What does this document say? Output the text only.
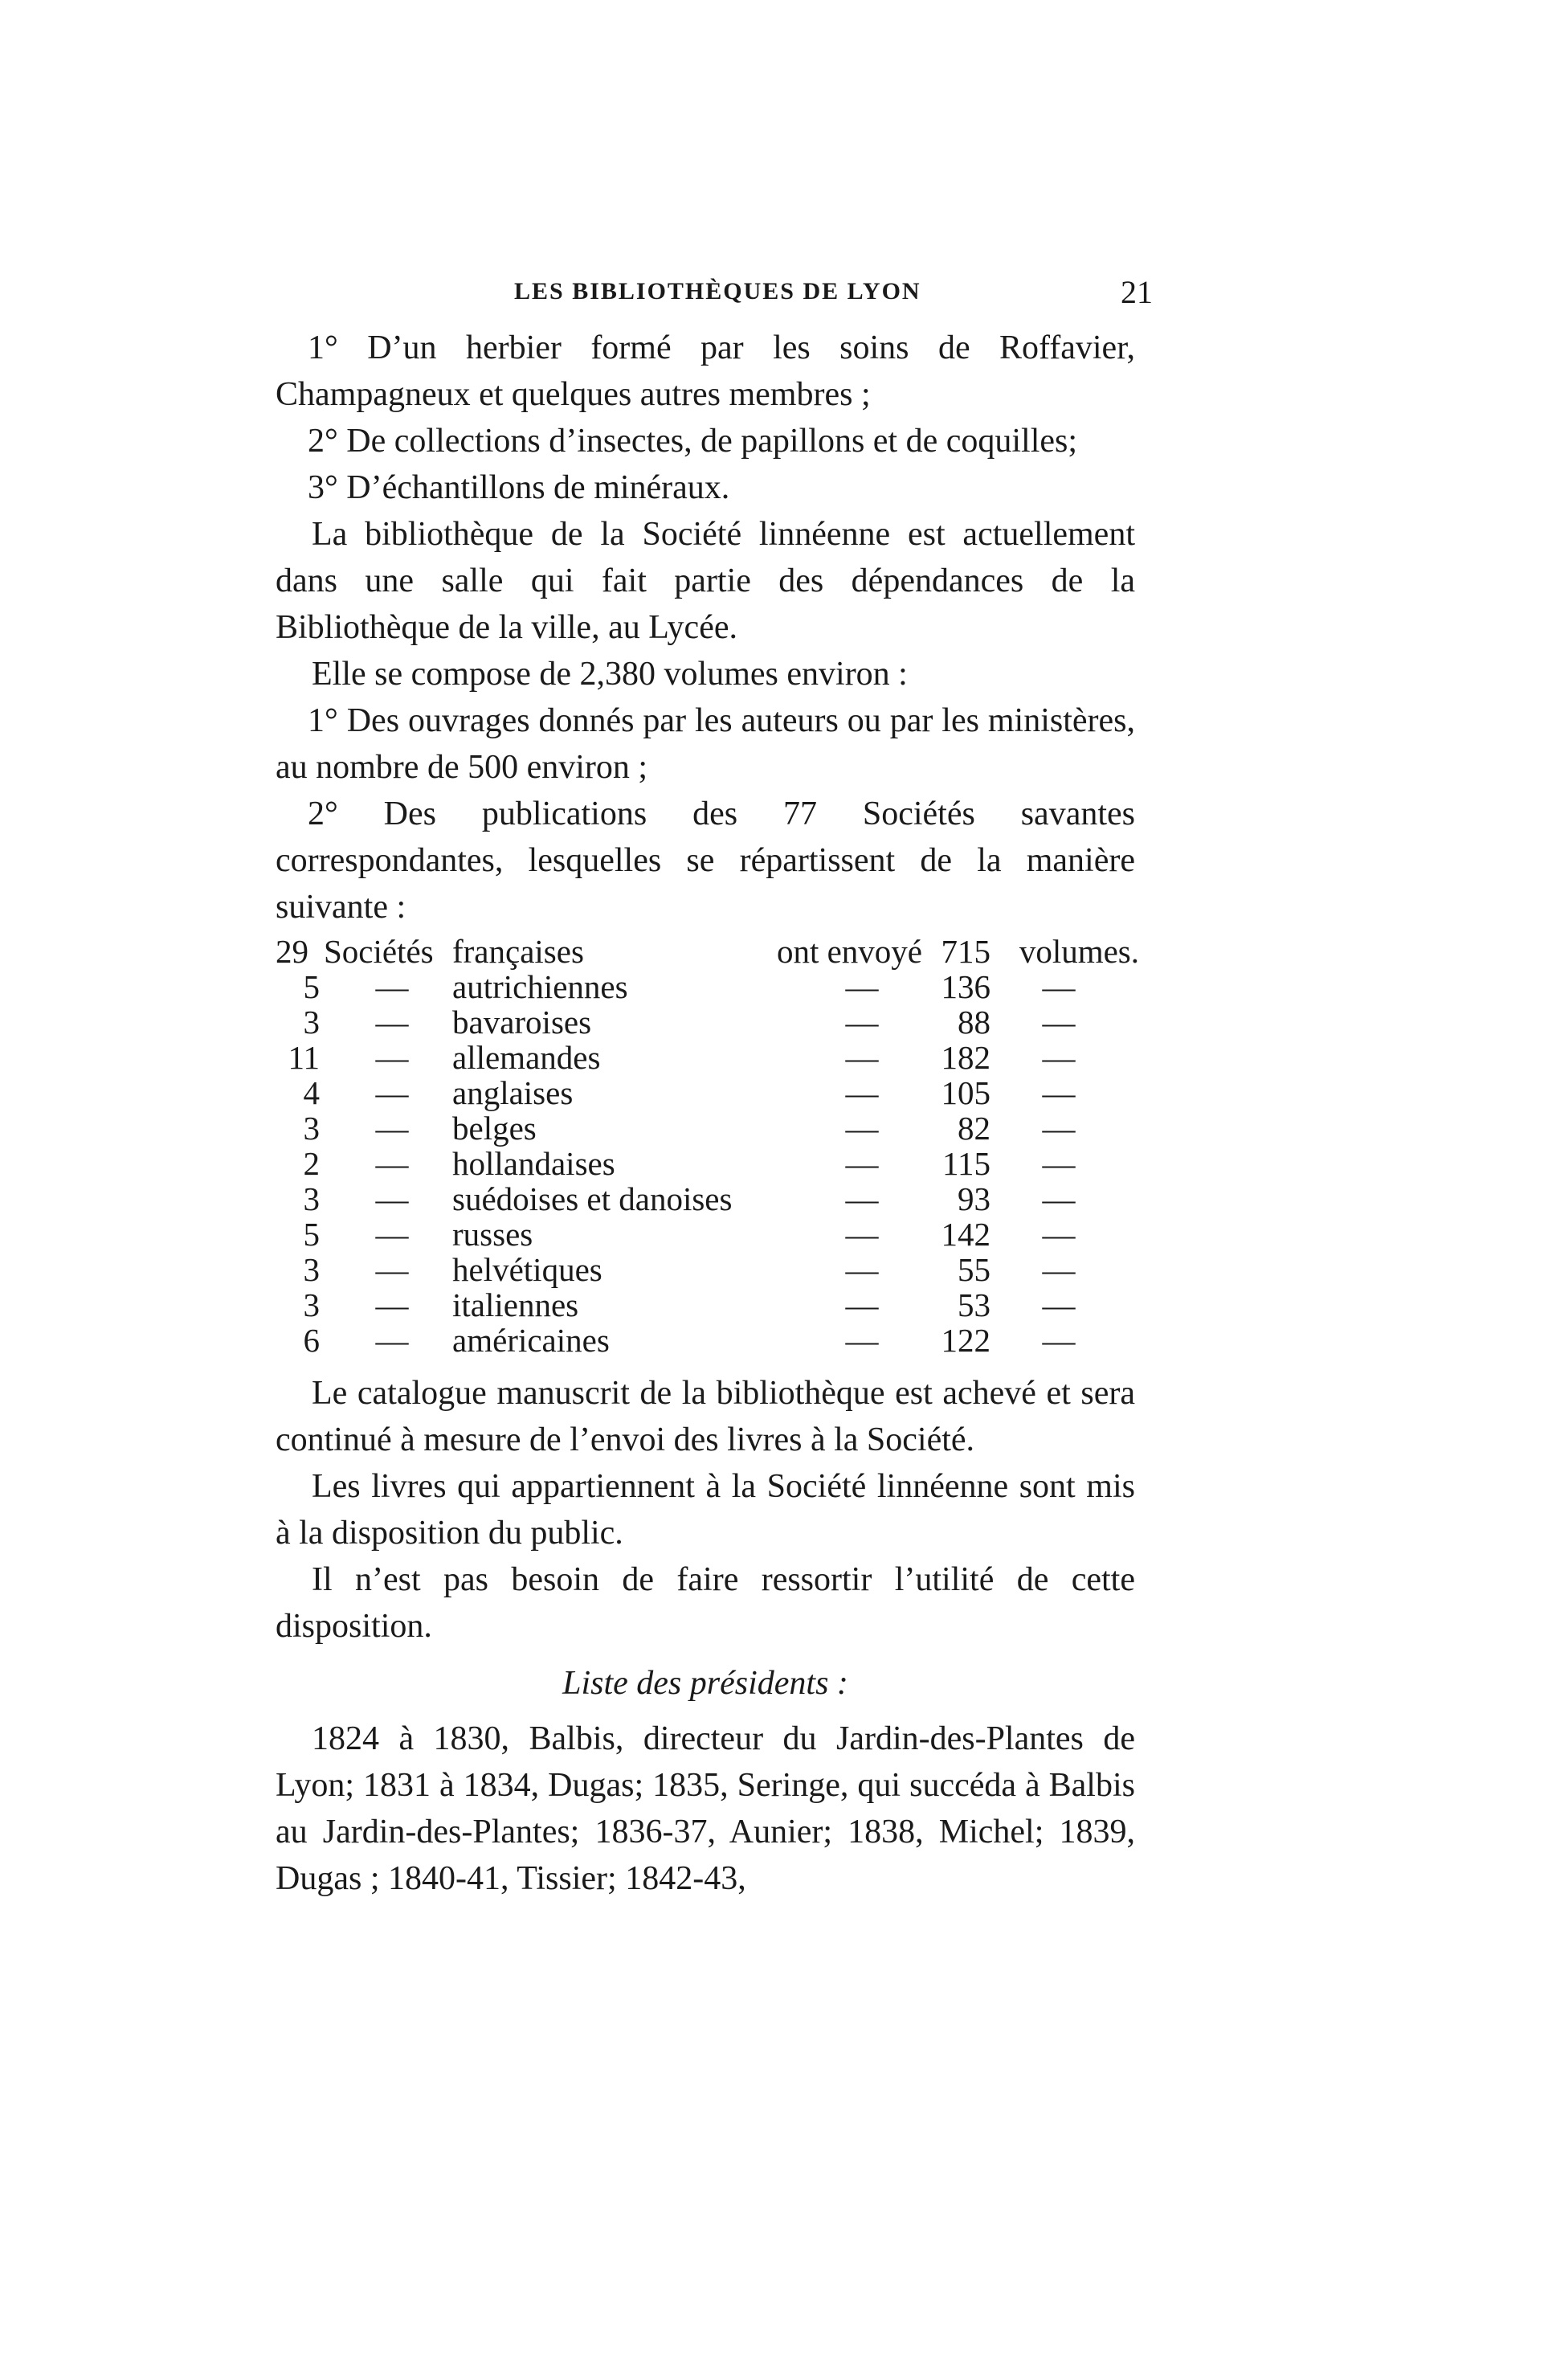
LES BIBLIOTHÈQUES DE LYON	21

1° D’un herbier formé par les soins de Roffavier, Champagneux et quelques autres membres ;

2° De collections d’insectes, de papillons et de coquilles;

3° D’échantillons de minéraux.

La bibliothèque de la Société linnéenne est actuellement dans une salle qui fait partie des dépendances de la Bibliothèque de la ville, au Lycée.

Elle se compose de 2,380 volumes environ :

1° Des ouvrages donnés par les auteurs ou par les ministères, au nombre de 500 environ ;

2° Des publications des 77 Sociétés savantes correspondantes, lesquelles se répartissent de la manière suivante :

29 Sociétés françaises	ont envoyé 715 volumes.
5	—	autrichiennes	—	136	—
3	—	bavaroises	—	88	—
11	—	allemandes	—	182	—
4	—	anglaises	—	105	—
3	—	belges	—	82	—
2	—	hollandaises	—	115	—
3	—	suédoises et danoises	—	93	—
5	—	russes	—	142	—
3	—	helvétiques	—	55	—
3	—	italiennes	—	53	—
6	—	américaines	—	122	—

Le catalogue manuscrit de la bibliothèque est achevé et sera continué à mesure de l’envoi des livres à la Société.

Les livres qui appartiennent à la Société linnéenne sont mis à la disposition du public.

Il n’est pas besoin de faire ressortir l’utilité de cette disposition.

Liste des présidents :

1824 à 1830, Balbis, directeur du Jardin-des-Plantes de Lyon; 1831 à 1834, Dugas; 1835, Seringe, qui succéda à Balbis au Jardin-des-Plantes; 1836-37, Aunier; 1838, Michel; 1839, Dugas ; 1840-41, Tissier; 1842-43,
